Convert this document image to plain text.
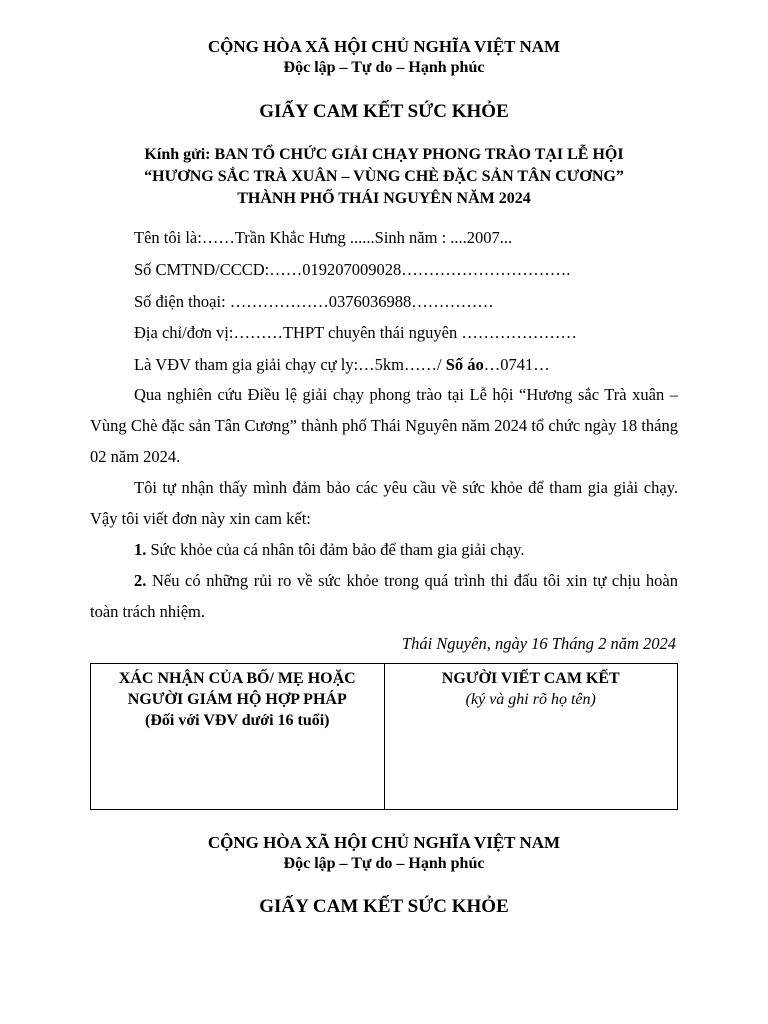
CỘNG HÒA XÃ HỘI CHỦ NGHĨA VIỆT NAM
Độc lập – Tự do – Hạnh phúc
GIẤY CAM KẾT SỨC KHỎE
Kính gửi: BAN TỔ CHỨC GIẢI CHẠY PHONG TRÀO TẠI LỄ HỘI
“HƯƠNG SẮC TRÀ XUÂN – VÙNG CHÈ ĐẶC SẢN TÂN CƯƠNG”
THÀNH PHỐ THÁI NGUYÊN NĂM 2024
Tên tôi là:……Trần Khắc Hưng ......Sinh năm : ....2007...
Số CMTND/CCCD:……019207009028………………………….
Số điện thoại: ………………0376036988……………
Địa chỉ/đơn vị:………THPT chuyên thái nguyên …………………
Là VĐV tham gia giải chạy cự ly:…5km……/ Số áo…0741…
Qua nghiên cứu Điều lệ giải chạy phong trào tại Lễ hội “Hương sắc Trà xuân – Vùng Chè đặc sản Tân Cương” thành phố Thái Nguyên năm 2024 tổ chức ngày 18 tháng 02 năm 2024.
Tôi tự nhận thấy mình đảm bảo các yêu cầu về sức khỏe để tham gia giải chạy. Vậy tôi viết đơn này xin cam kết:
1. Sức khỏe của cá nhân tôi đảm bảo để tham gia giải chạy.
2. Nếu có những rủi ro về sức khỏe trong quá trình thi đấu tôi xin tự chịu hoàn toàn trách nhiệm.
Thái Nguyên, ngày 16 Tháng 2 năm 2024
XÁC NHẬN CỦA BỐ/ MẸ HOẶC
NGƯỜI GIÁM HỘ HỢP PHÁP
(Đối với VĐV dưới 16 tuổi)
NGƯỜI VIẾT CAM KẾT
(ký và ghi rõ họ tên)
CỘNG HÒA XÃ HỘI CHỦ NGHĨA VIỆT NAM
Độc lập – Tự do – Hạnh phúc
GIẤY CAM KẾT SỨC KHỎE
